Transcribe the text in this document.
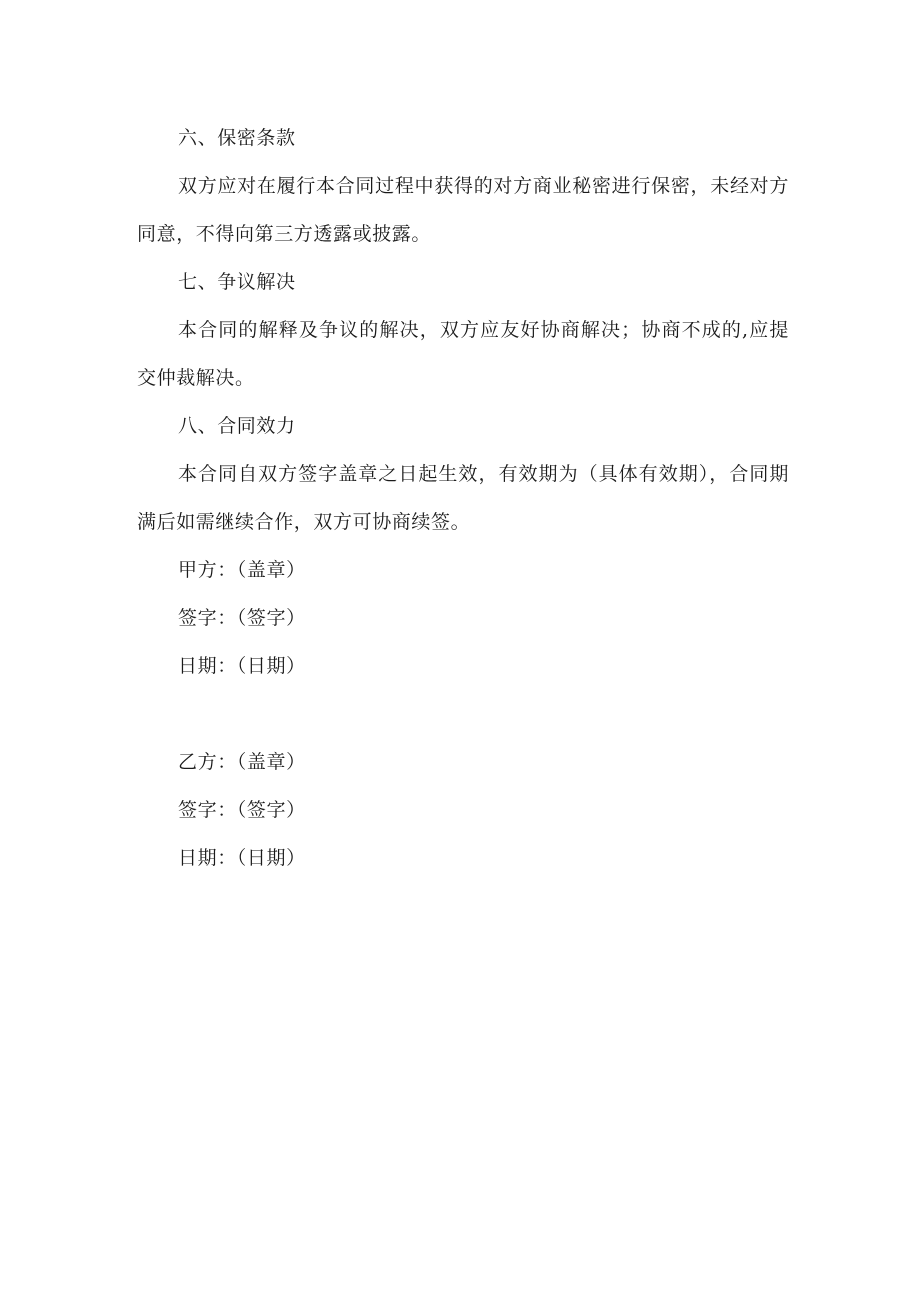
六、保密条款

双方应对在履行本合同过程中获得的对方商业秘密进行保密，未经对方同意，不得向第三方透露或披露。

七、争议解决

本合同的解释及争议的解决，双方应友好协商解决；协商不成的,应提交仲裁解决。

八、合同效力

本合同自双方签字盖章之日起生效，有效期为（具体有效期），合同期满后如需继续合作，双方可协商续签。

甲方：（盖章）

签字：（签字）

日期：（日期）

乙方：（盖章）

签字：（签字）

日期：（日期）
